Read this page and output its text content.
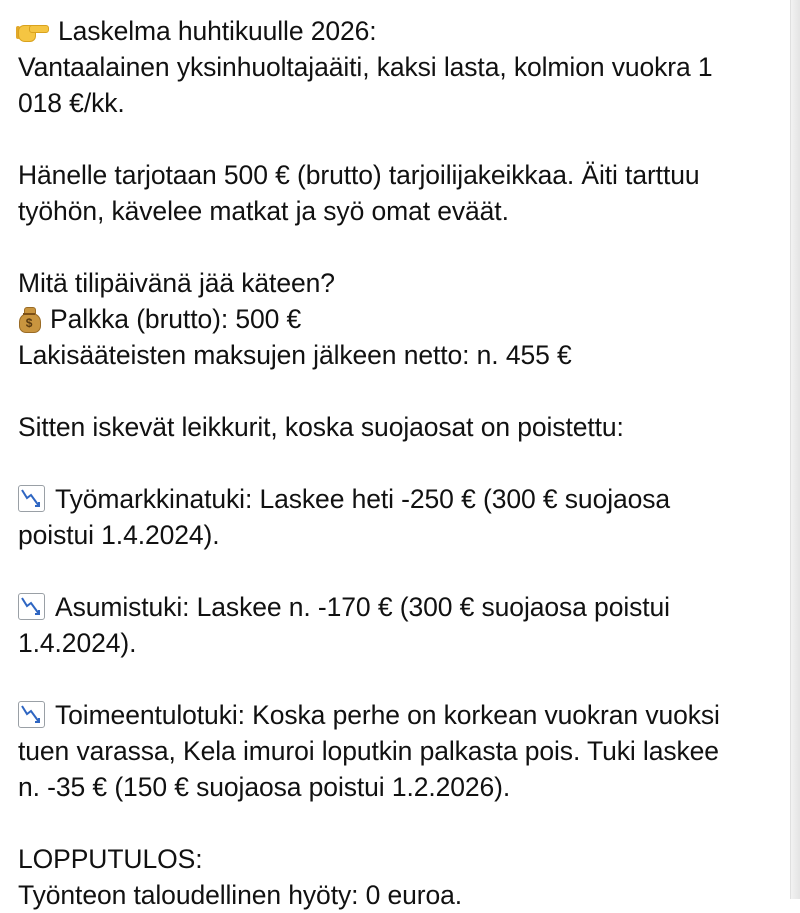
Laskelma huhtikuulle 2026:
Vantaalainen yksinhuoltajaäiti, kaksi lasta, kolmion vuokra 1
018 €/kk.
Hänelle tarjotaan 500 € (brutto) tarjoilijakeikkaa. Äiti tarttuu
työhön, kävelee matkat ja syö omat eväät.
Mitä tilipäivänä jää käteen?
$ Palkka (brutto): 500 €
Lakisääteisten maksujen jälkeen netto: n. 455 €
Sitten iskevät leikkurit, koska suojaosat on poistettu:
Työmarkkinatuki: Laskee heti -250 € (300 € suojaosa
poistui 1.4.2024).
Asumistuki: Laskee n. -170 € (300 € suojaosa poistui
1.4.2024).
Toimeentulotuki: Koska perhe on korkean vuokran vuoksi
tuen varassa, Kela imuroi loputkin palkasta pois. Tuki laskee
n. -35 € (150 € suojaosa poistui 1.2.2026).
LOPPUTULOS:
Työnteon taloudellinen hyöty: 0 euroa.
